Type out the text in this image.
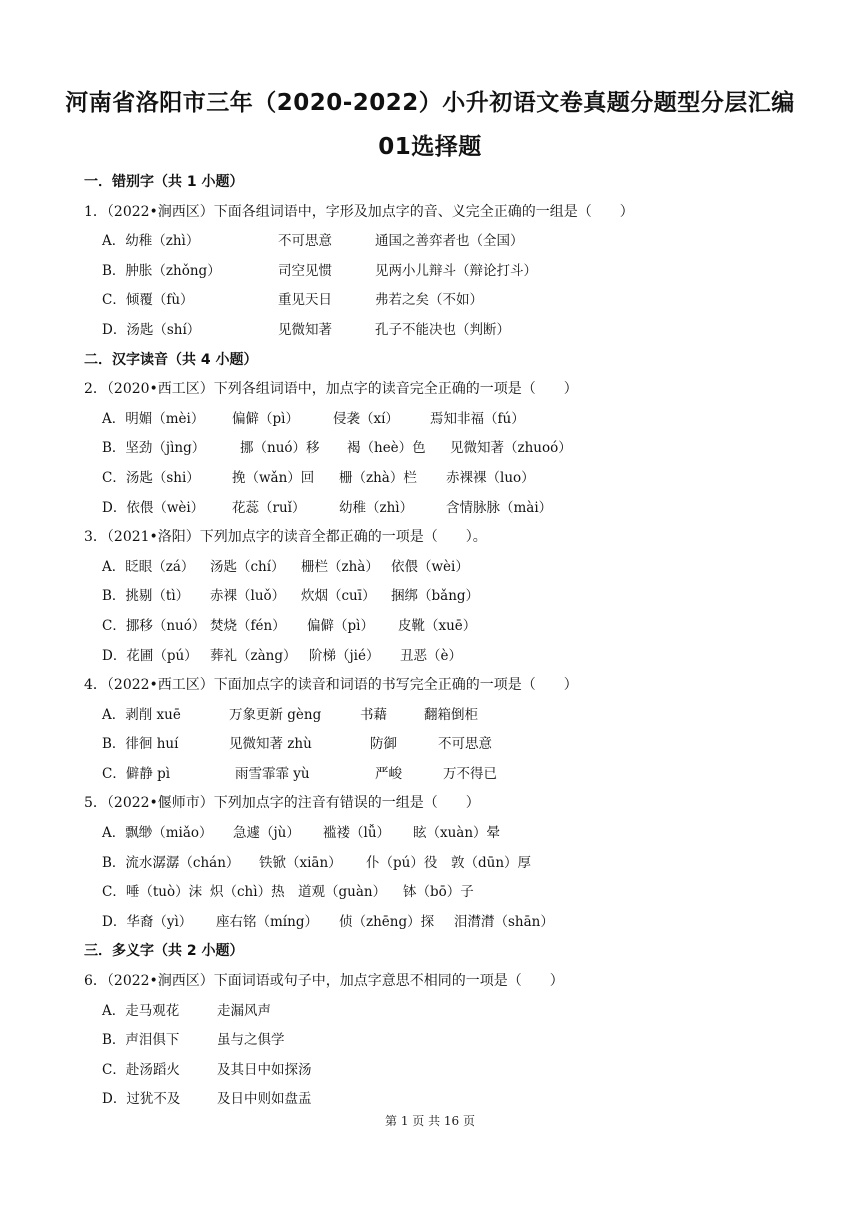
河南省洛阳市三年（2020-2022）小升初语文卷真题分题型分层汇编
01选择题
一．错别字（共 1 小题）
1．（2022•涧西区）下面各组词语中，字形及加点字的音、义完全正确的一组是（　　）
A．幼稚（zhì）	不可思意	通国之善弈者也（全国）
B．肿胀（zhǒng）	司空见惯	见两小儿辩斗（辩论打斗）
C．倾覆（fù）	重见天日	弗若之矣（不如）
D．汤匙（shí）	见微知著	孔子不能决也（判断）
二．汉字读音（共 4 小题）
2．（2020•西工区）下列各组词语中，加点字的读音完全正确的一项是（　　）
A．明媚（mèi）	偏僻（pì）	侵袭（xí）	焉知非福（fú）
B．坚劲（jìng）	挪（nuó）移	褐（heè）色	见微知著（zhuoó）
C．汤匙（shi）	挽（wǎn）回	栅（zhà）栏	赤裸裸（luo）
D．依偎（wèi）	花蕊（ruǐ）	幼稚（zhì）	含情脉脉（mài）
3．（2021•洛阳）下列加点字的读音全都正确的一项是（　　）。
A．眨眼（zá）	汤匙（chí）	栅栏（zhà） 依偎（wèi）
B．挑剔（tì）	赤裸（luǒ）	炊烟（cuī）	捆绑（bǎng）
C．挪移（nuó） 焚烧（fén）	偏僻（pì）	皮靴（xuē）
D．花圃（pú） 葬礼（zàng） 阶梯（jié）	丑恶（è）
4．（2022•西工区）下面加点字的读音和词语的书写完全正确的一项是（　　）
A．剥削 xuē	万象更新 gèng	书藉	翻箱倒柜
B．徘徊 huí	见微知著 zhù	防御	不可思意
C．僻静 pì	雨雪霏霏 yù	严峻	万不得已
5．（2022•偃师市）下列加点字的注音有错误的一组是（　　）
A．飘缈（miǎo）	急遽（jù）	褴褛（lǚ）	眩（xuàn）晕
B．流水潺潺（chán）	铁锨（xiān）	仆（pú）役	敦（dūn）厚
C．唾（tuò）沫 炽（chì）热 道观（guàn）	钵（bō）子
D．华裔（yì）	座右铭（míng）	侦（zhēng）探	泪潸潸（shān）
三．多义字（共 2 小题）
6．（2022•涧西区）下面词语或句子中，加点字意思不相同的一项是（　　）
A．走马观花	走漏风声
B．声泪俱下	虽与之俱学
C．赴汤蹈火	及其日中如探汤
D．过犹不及	及日中则如盘盂
第 1 页 共 16 页
